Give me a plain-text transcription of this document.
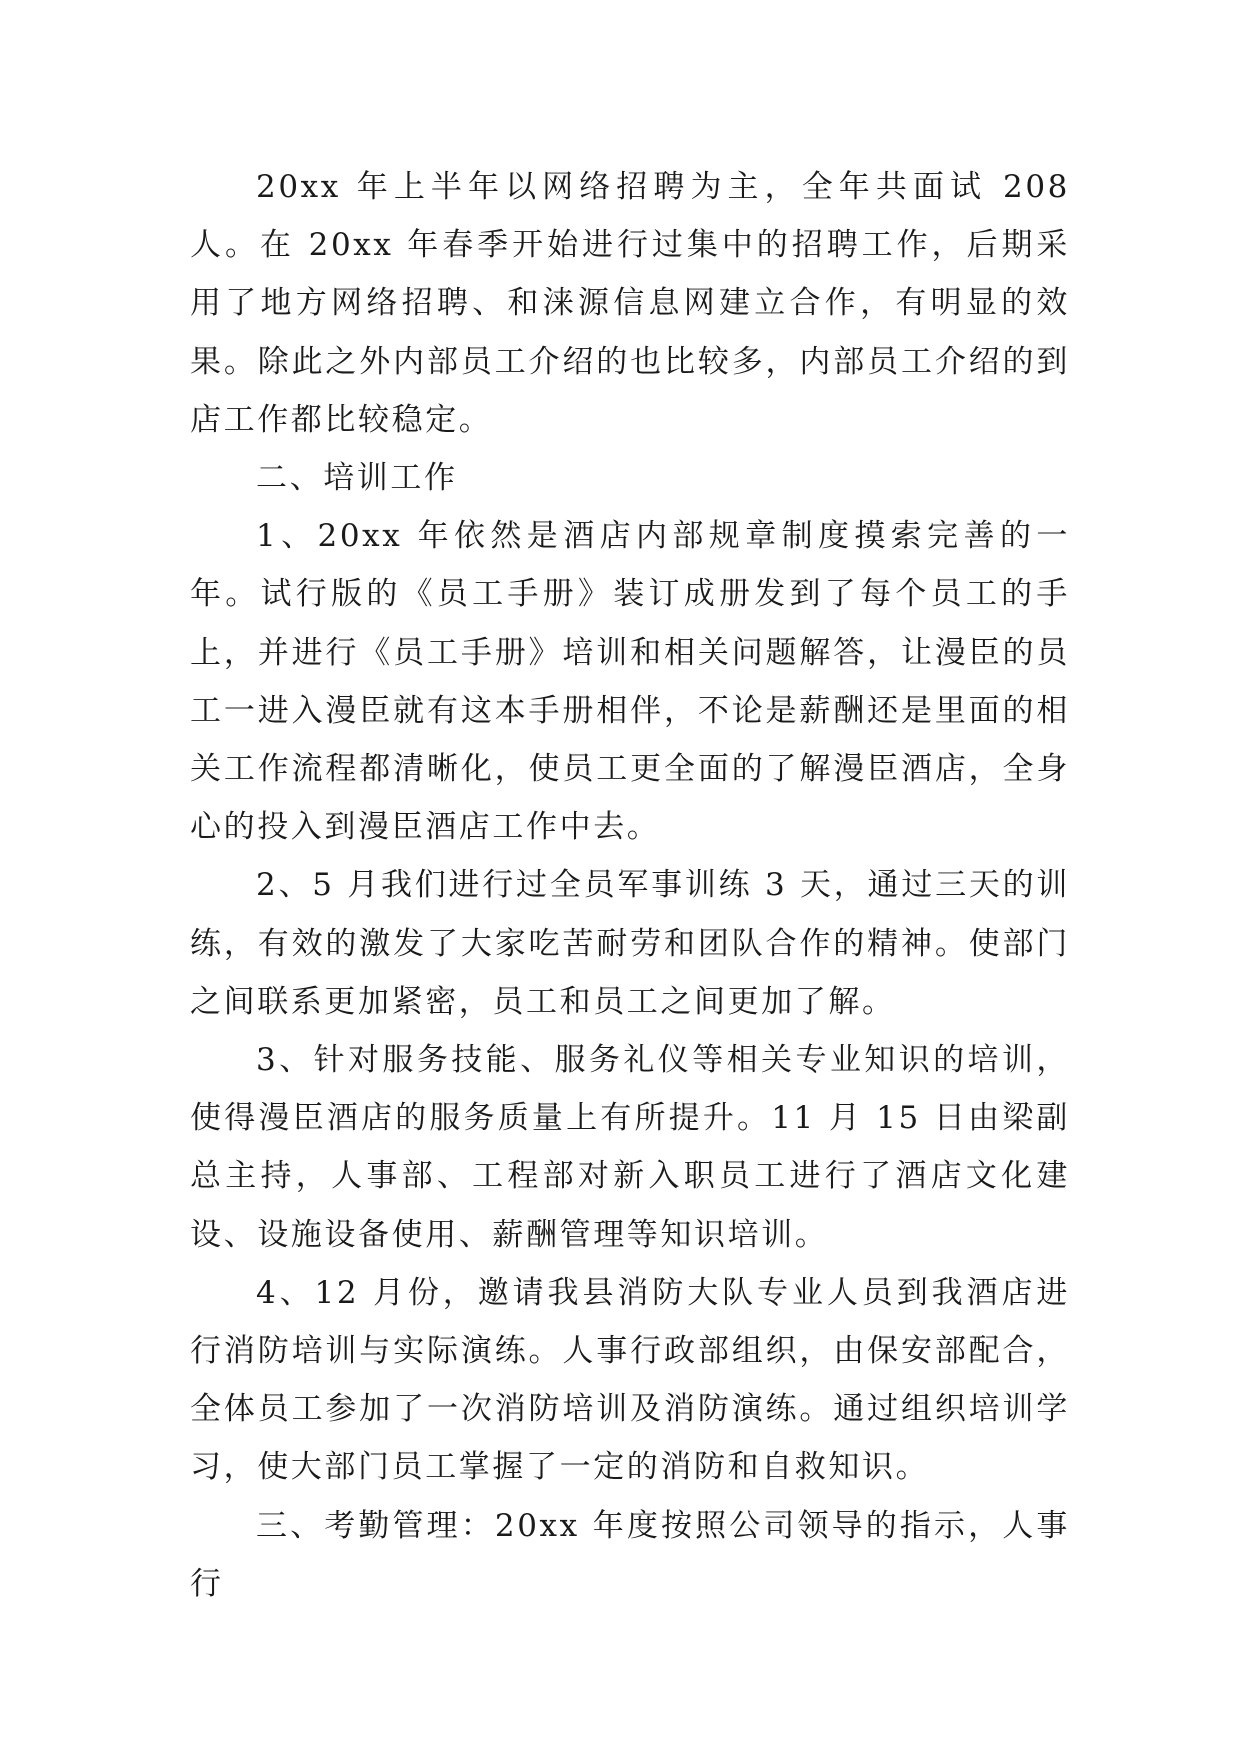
20xx 年上半年以网络招聘为主，全年共面试 208 人。在 20xx 年春季开始进行过集中的招聘工作，后期采用了地方网络招聘、和涞源信息网建立合作，有明显的效果。除此之外内部员工介绍的也比较多，内部员工介绍的到店工作都比较稳定。

二、培训工作

1、20xx 年依然是酒店内部规章制度摸索完善的一年。试行版的《员工手册》装订成册发到了每个员工的手上，并进行《员工手册》培训和相关问题解答，让漫臣的员工一进入漫臣就有这本手册相伴，不论是薪酬还是里面的相关工作流程都清晰化，使员工更全面的了解漫臣酒店，全身心的投入到漫臣酒店工作中去。

2、5 月我们进行过全员军事训练 3 天，通过三天的训练，有效的激发了大家吃苦耐劳和团队合作的精神。使部门之间联系更加紧密，员工和员工之间更加了解。

3、针对服务技能、服务礼仪等相关专业知识的培训，使得漫臣酒店的服务质量上有所提升。11 月 15 日由梁副总主持，人事部、工程部对新入职员工进行了酒店文化建设、设施设备使用、薪酬管理等知识培训。

4、12 月份，邀请我县消防大队专业人员到我酒店进行消防培训与实际演练。人事行政部组织，由保安部配合，全体员工参加了一次消防培训及消防演练。通过组织培训学习，使大部门员工掌握了一定的消防和自救知识。

三、考勤管理：20xx 年度按照公司领导的指示，人事行
